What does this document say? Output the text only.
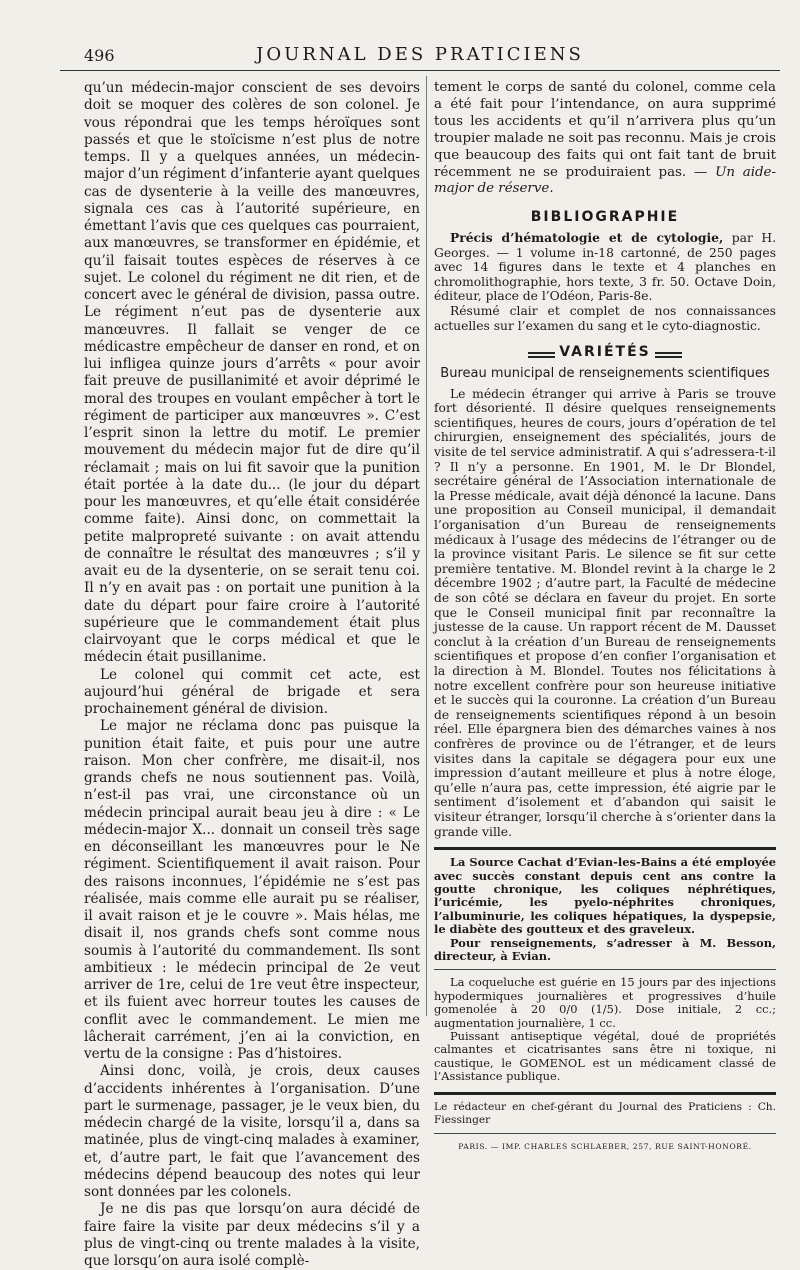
496	JOURNAL DES PRATICIENS

qu’un médecin-major conscient de ses devoirs doit se moquer des colères de son colonel. Je vous répondrai que les temps héroïques sont passés et que le stoïcisme n’est plus de notre temps. Il y a quelques années, un médecin-major d’un régiment d’infanterie ayant quelques cas de dysenterie à la veille des manœuvres, signala ces cas à l’autorité supérieure, en émettant l’avis que ces quelques cas pourraient, aux manœuvres, se transformer en épidémie, et qu’il faisait toutes espèces de réserves à ce sujet. Le colonel du régiment ne dit rien, et de concert avec le général de division, passa outre. Le régiment n’eut pas de dysenterie aux manœuvres. Il fallait se venger de ce médicastre empêcheur de danser en rond, et on lui infligea quinze jours d’arrêts « pour avoir fait preuve de pusillanimité et avoir déprimé le moral des troupes en voulant empêcher à tort le régiment de participer aux manœuvres ». C’est l’esprit sinon la lettre du motif. Le premier mouvement du médecin major fut de dire qu’il réclamait ; mais on lui fit savoir que la punition était portée à la date du... (le jour du départ pour les manœuvres, et qu’elle était considérée comme faite). Ainsi donc, on commettait la petite malpropreté suivante : on avait attendu de connaître le résultat des manœuvres ; s’il y avait eu de la dysenterie, on se serait tenu coi. Il n’y en avait pas : on portait une punition à la date du départ pour faire croire à l’autorité supérieure que le commandement était plus clairvoyant que le corps médical et que le médecin était pusillanime.

Le colonel qui commit cet acte, est aujourd’hui général de brigade et sera prochainement général de division.

Le major ne réclama donc pas puisque la punition était faite, et puis pour une autre raison. Mon cher confrère, me disait-il, nos grands chefs ne nous soutiennent pas. Voilà, n’est-il pas vrai, une circonstance où un médecin principal aurait beau jeu à dire : « Le médecin-major X... donnait un conseil très sage en déconseillant les manœuvres pour le Ne régiment. Scientifiquement il avait raison. Pour des raisons inconnues, l’épidémie ne s’est pas réalisée, mais comme elle aurait pu se réaliser, il avait raison et je le couvre ». Mais hélas, me disait il, nos grands chefs sont comme nous soumis à l’autorité du commandement. Ils sont ambitieux : le médecin principal de 2e veut arriver de 1re, celui de 1re veut être inspecteur, et ils fuient avec horreur toutes les causes de conflit avec le commandement. Le mien me lâcherait carrément, j’en ai la conviction, en vertu de la consigne : Pas d’histoires.

Ainsi donc, voilà, je crois, deux causes d’accidents inhérentes à l’organisation. D’une part le surmenage, passager, je le veux bien, du médecin chargé de la visite, lorsqu’il a, dans sa matinée, plus de vingt-cinq malades à examiner, et, d’autre part, le fait que l’avancement des médecins dépend beaucoup des notes qui leur sont données par les colonels.

Je ne dis pas que lorsqu’on aura décidé de faire faire la visite par deux médecins s’il y a plus de vingt-cinq ou trente malades à la visite, que lorsqu’on aura isolé complè-

tement le corps de santé du colonel, comme cela a été fait pour l’intendance, on aura supprimé tous les accidents et qu’il n’arrivera plus qu’un troupier malade ne soit pas reconnu. Mais je crois que beaucoup des faits qui ont fait tant de bruit récemment ne se produiraient pas. — Un aide-major de réserve.

BIBLIOGRAPHIE

Précis d’hématologie et de cytologie, par H. Georges. — 1 volume in-18 cartonné, de 250 pages avec 14 figures dans le texte et 4 planches en chromolithographie, hors texte, 3 fr. 50. Octave Doin, éditeur, place de l’Odéon, Paris-8e.

Résumé clair et complet de nos connaissances actuelles sur l’examen du sang et le cyto-diagnostic.

VARIÉTÉS
Bureau municipal de renseignements scientifiques

Le médecin étranger qui arrive à Paris se trouve fort désorienté. Il désire quelques renseignements scientifiques, heures de cours, jours d’opération de tel chirurgien, enseignement des spécialités, jours de visite de tel service administratif. A qui s’adressera-t-il ? Il n’y a personne. En 1901, M. le Dr Blondel, secrétaire général de l’Association internationale de la Presse médicale, avait déjà dénoncé la lacune. Dans une proposition au Conseil municipal, il demandait l’organisation d’un Bureau de renseignements médicaux à l’usage des médecins de l’étranger ou de la province visitant Paris. Le silence se fit sur cette première tentative. M. Blondel revint à la charge le 2 décembre 1902 ; d’autre part, la Faculté de médecine de son côté se déclara en faveur du projet. En sorte que le Conseil municipal finit par reconnaître la justesse de la cause. Un rapport récent de M. Dausset conclut à la création d’un Bureau de renseignements scientifiques et propose d’en confier l’organisation et la direction à M. Blondel. Toutes nos félicitations à notre excellent confrère pour son heureuse initiative et le succès qui la couronne. La création d’un Bureau de renseignements scientifiques répond à un besoin réel. Elle épargnera bien des démarches vaines à nos confrères de province ou de l’étranger, et de leurs visites dans la capitale se dégagera pour eux une impression d’autant meilleure et plus à notre éloge, qu’elle n’aura pas, cette impression, été aigrie par le sentiment d’isolement et d’abandon qui saisit le visiteur étranger, lorsqu’il cherche à s’orienter dans la grande ville.

La Source Cachat d’Evian-les-Bains a été employée avec succès constant depuis cent ans contre la goutte chronique, les coliques néphrétiques, l’uricémie, les pyelo-néphrites chroniques, l’albuminurie, les coliques hépatiques, la dyspepsie, le diabète des goutteux et des graveleux.

Pour renseignements, s’adresser à M. Besson, directeur, à Evian.

La coqueluche est guérie en 15 jours par des injections hypodermiques journalières et progressives d’huile gomenolée à 20 0/0 (1/5). Dose initiale, 2 cc.; augmentation journalière, 1 cc.

Puissant antiseptique végétal, doué de propriétés calmantes et cicatrisantes sans être ni toxique, ni caustique, le GOMENOL est un médicament classé de l’Assistance publique.

Le rédacteur en chef-gérant du Journal des Praticiens : Ch. Fiessinger

PARIS. — IMP. CHARLES SCHLAEBER, 257, RUE SAINT-HONORÉ.
